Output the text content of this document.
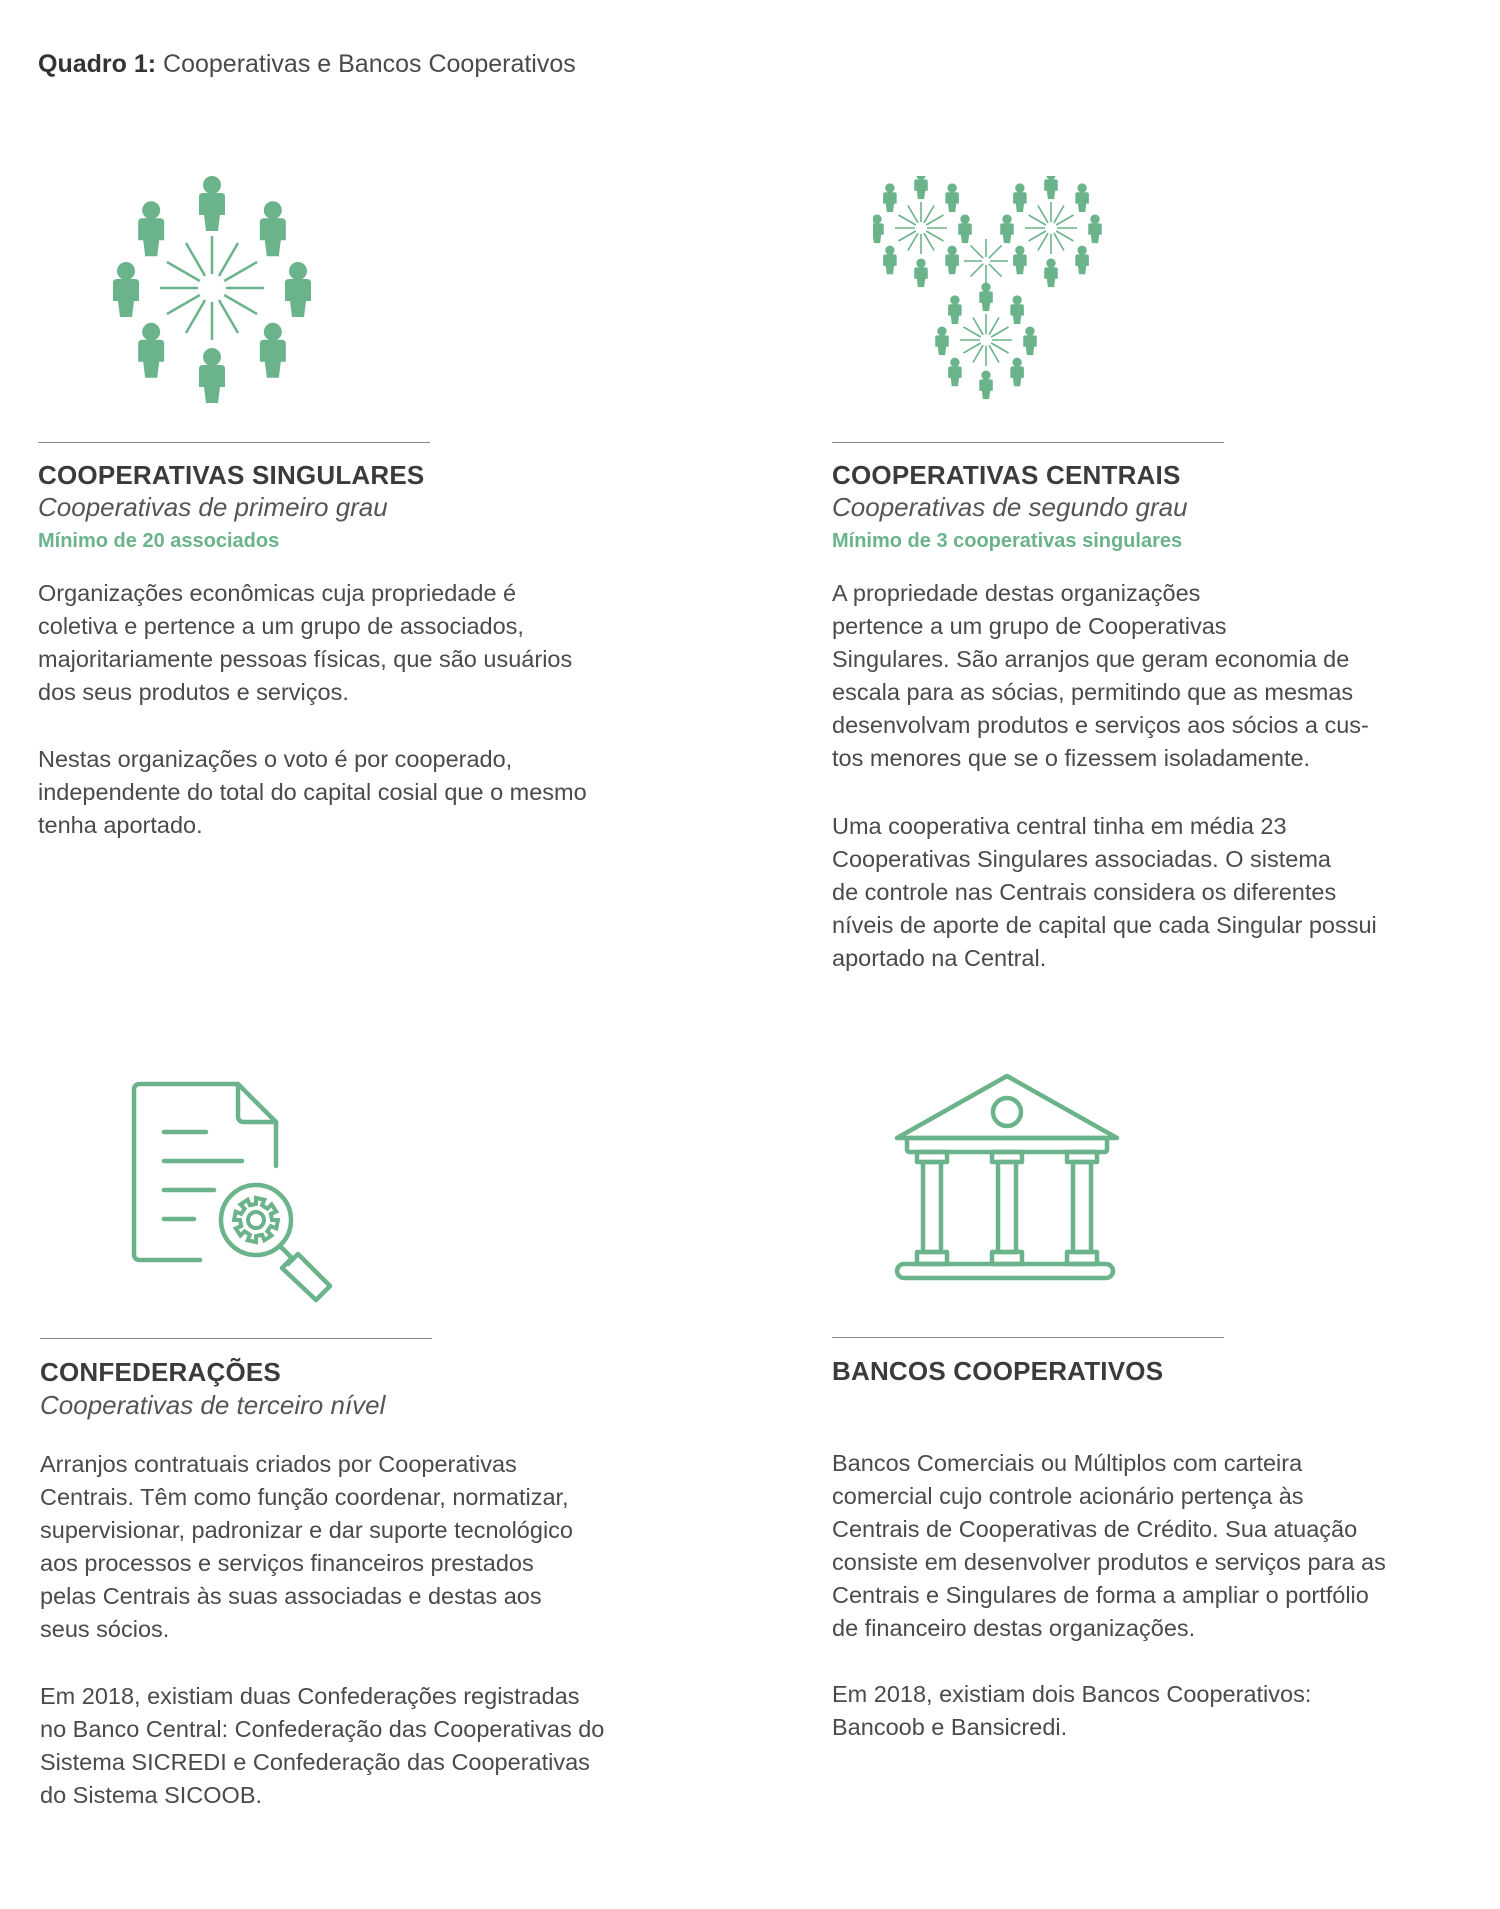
Quadro 1: Cooperativas e Bancos Cooperativos
COOPERATIVAS SINGULARES
Cooperativas de primeiro grau
Mínimo de 20 associados
Organizações econômicas cuja propriedade é
coletiva e pertence a um grupo de associados,
majoritariamente pessoas físicas, que são usuários
dos seus produtos e serviços.
Nestas organizações o voto é por cooperado,
independente do total do capital cosial que o mesmo
tenha aportado.
COOPERATIVAS CENTRAIS
Cooperativas de segundo grau
Mínimo de 3 cooperativas singulares
A propriedade destas organizações
pertence a um grupo de Cooperativas
Singulares. São arranjos que geram economia de
escala para as sócias, permitindo que as mesmas
desenvolvam produtos e serviços aos sócios a cus-
tos menores que se o fizessem isoladamente.
Uma cooperativa central tinha em média 23
Cooperativas Singulares associadas. O sistema
de controle nas Centrais considera os diferentes
níveis de aporte de capital que cada Singular possui
aportado na Central.
CONFEDERAÇÕES
Cooperativas de terceiro nível
Arranjos contratuais criados por Cooperativas
Centrais. Têm como função coordenar, normatizar,
supervisionar, padronizar e dar suporte tecnológico
aos processos e serviços financeiros prestados
pelas Centrais às suas associadas e destas aos
seus sócios.
Em 2018, existiam duas Confederações registradas
no Banco Central: Confederação das Cooperativas do
Sistema SICREDI e Confederação das Cooperativas
do Sistema SICOOB.
BANCOS COOPERATIVOS
Bancos Comerciais ou Múltiplos com carteira
comercial cujo controle acionário pertença às
Centrais de Cooperativas de Crédito. Sua atuação
consiste em desenvolver produtos e serviços para as
Centrais e Singulares de forma a ampliar o portfólio
de financeiro destas organizações.
Em 2018, existiam dois Bancos Cooperativos:
Bancoob e Bansicredi.
